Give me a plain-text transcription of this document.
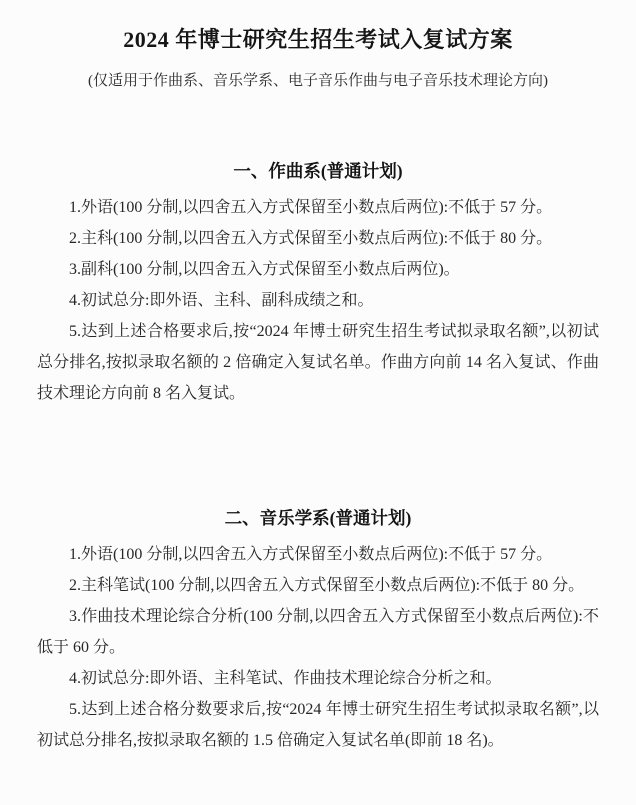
2024 年博士研究生招生考试入复试方案

(仅适用于作曲系、音乐学系、电子音乐作曲与电子音乐技术理论方向)

一、作曲系(普通计划)

1.外语(100 分制,以四舍五入方式保留至小数点后两位):不低于 57 分。

2.主科(100 分制,以四舍五入方式保留至小数点后两位):不低于 80 分。

3.副科(100 分制,以四舍五入方式保留至小数点后两位)。

4.初试总分:即外语、主科、副科成绩之和。

5.达到上述合格要求后,按“2024 年博士研究生招生考试拟录取名额”,以初试总分排名,按拟录取名额的 2 倍确定入复试名单。作曲方向前 14 名入复试、作曲技术理论方向前 8 名入复试。

二、音乐学系(普通计划)

1.外语(100 分制,以四舍五入方式保留至小数点后两位):不低于 57 分。

2.主科笔试(100 分制,以四舍五入方式保留至小数点后两位):不低于 80 分。

3.作曲技术理论综合分析(100 分制,以四舍五入方式保留至小数点后两位):不低于 60 分。

4.初试总分:即外语、主科笔试、作曲技术理论综合分析之和。

5.达到上述合格分数要求后,按“2024 年博士研究生招生考试拟录取名额”,以初试总分排名,按拟录取名额的 1.5 倍确定入复试名单(即前 18 名)。
